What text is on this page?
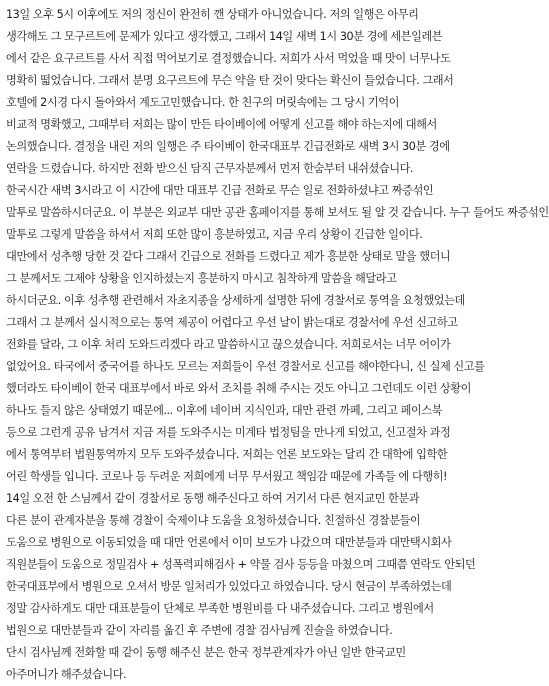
13일 오후 5시 이후에도 저의 정신이 완전히 깬 상태가 아니었습니다. 저의 일행은 아무리
생각해도 그 모구르트에 문제가 있다고 생각했고, 그래서 14일 새벽 1시 30분 경에 세븐일레븐
에서 같은 요구르트를 사서 직접 먹어보기로 결정했습니다. 저희가 사서 먹었을 때 맛이 너무나도
명확히 떫었습니다. 그래서 분명 요구르트에 무슨 약을 탄 것이 맞다는 확신이 들었습니다. 그래서
호텔에 2시경 다시 돌아와서 계도고민했습니다. 한 친구의 머릿속에는 그 당시 기억이
비교적 명확했고, 그때부터 저희는 많이 만든 타이베이에 어떻게 신고를 해야 하는지에 대해서
논의했습니다. 결정을 내린 저의 일행은 주 타이베이 한국대표부 긴급전화로 새벽 3시 30분 경에
연락을 드렸습니다. 하지만 전화 받으신 담직 근무자분께서 먼저 한숨부터 내쉬셨습니다.
한국시간 새벽 3시라고 이 시간에 대만 대표부 긴급 전화로 무슨 일로 전화하셨냐고 짜증섞인
말투로 말씀하시더군요. 이 부분은 외교부 대만 공관 홈페이지를 통해 보셔도 될 알 것 같습니다. 누구 들어도 짜증섞인
말투로 그렇게 말씀을 하셔서 저희 또한 많이 흥분하였고, 지금 우리 상황이 긴급한 일이다.
대만에서 성추행 당한 것 같다 그래서 긴급으로 전화를 드렸다고 제가 흥분한 상태로 말을 했더니
그 분께서도 그제야 상황을 인지하셨는지 흥분하지 마시고 침착하게 말씀을 해달라고
하시더군요. 이후 성추행 관련해서 자초지종을 상세하게 설명한 뒤에 경찰서로 통역을 요청했었는데
그래서 그 분께서 실시적으로는 통역 제공이 어렵다고 우선 날이 밝는대로 경찰서에 우선 신고하고
전화를 달라, 그 이후 처리 도와드리겠다 라고 말씀하시고 끊으셨습니다. 저희로서는 너무 어이가
없었어요. 타국에서 중국어를 하나도 모르는 저희들이 우선 경찰서로 신고를 해야한다니, 신 실제 신고를
했더라도 타이베이 한국 대표부에서 바로 와서 조치를 취해 주시는 것도 아니고 그런데도 이런 상황이
하나도 들지 않은 상태였기 때문에... 이후에 네이버 지식인과, 대만 관련 까페, 그리고 페이스북
등으로 그런게 공유 남겨서 지금 저를 도와주시는 미계타 법정팀을 만나게 되었고, 신고절차 과정
에서 통역부터 법원통역까지 모두 도와주셨습니다. 저희는 언론 보도와는 달리 간 대학에 입학한
어린 학생들 입니다. 코로나 등 두려운 저희에게 너무 무서웠고 책임감 때문에 가족들 에 다행히!
14일 오전 한 스님께서 같이 경찰서로 동행 해주신다고 하여 거기서 다른 현지교민 한분과
다른 분이 관계자분을 통해 경찰이 숙제이냐 도움을 요청하셨습니다. 친절하신 경찰분들이
도움으로 병원으로 이동되었을 때 대만 언론에서 이미 보도가 나갔으며 대만분들과 대만택시회사
직원분들이 도움으로 정밀검사 + 성폭력피해검사 + 약물 검사 등등을 마쳤으며 그때쯤 연락도 안되던
한국대표부에서 병원으로 오셔서 방문 일처리가 있었다고 하였습니다. 당시 현금이 부족하였는데
정말 감사하게도 대만 대표분들이 단체로 부족한 병원비를 다 내주셨습니다. 그리고 병원에서
법원으로 대만분들과 같이 자리를 옮긴 후 주변에 경찰 검사님께 진술을 하였습니다.
단시 검사님께 전화할 때 같이 동행 해주신 분은 한국 정부관계자가 아닌 일반 한국교민
아주머니가 해주셨습니다.
